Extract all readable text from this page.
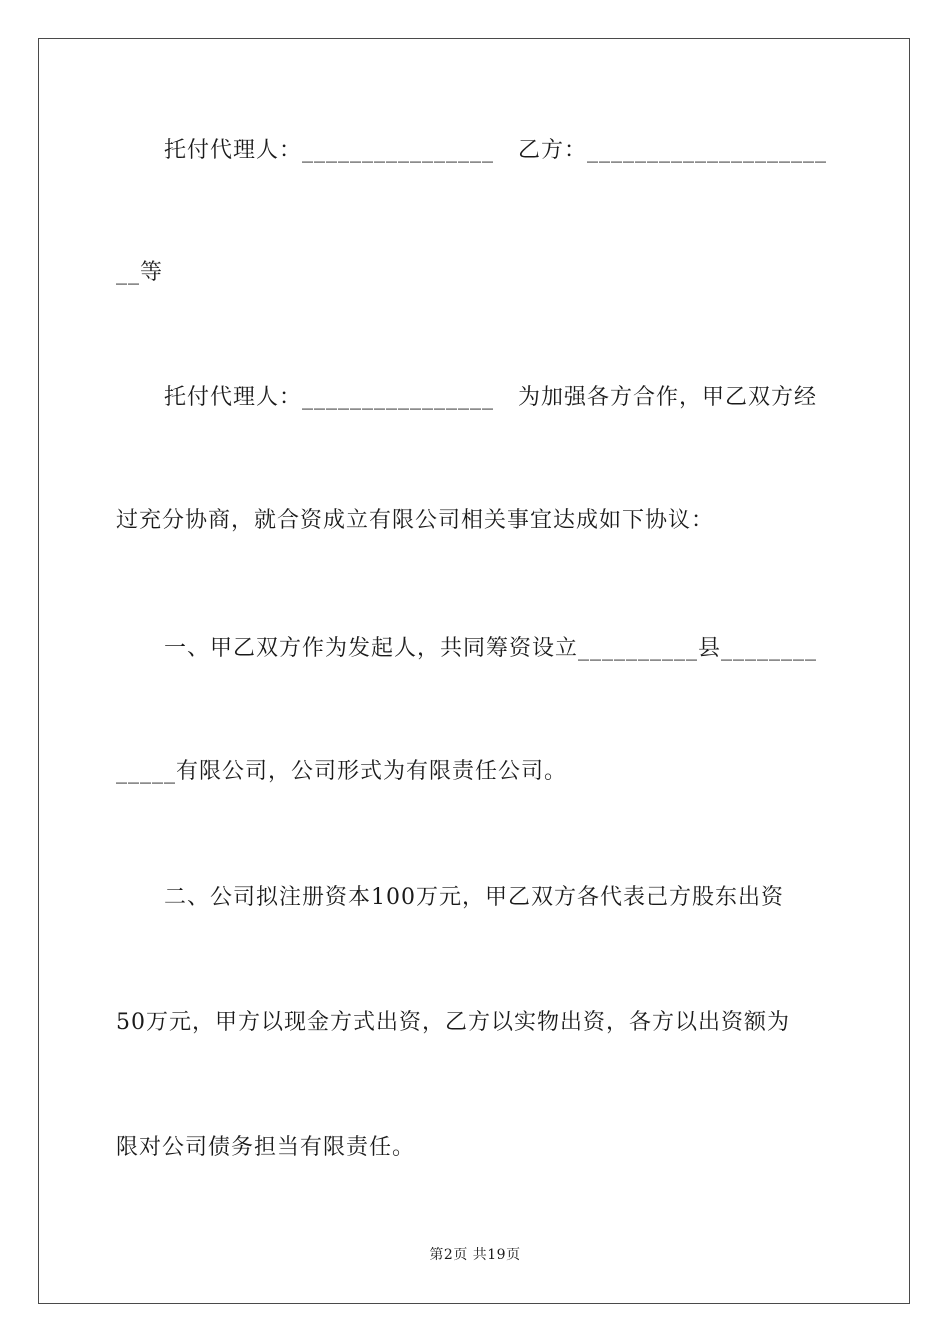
托付代理人：________________   乙方：____________________
__等
托付代理人：________________   为加强各方合作，甲乙双方经
过充分协商，就合资成立有限公司相关事宜达成如下协议：
一、甲乙双方作为发起人，共同筹资设立__________县________
_____有限公司，公司形式为有限责任公司。
二、公司拟注册资本100万元，甲乙双方各代表己方股东出资
50万元，甲方以现金方式出资，乙方以实物出资，各方以出资额为
限对公司债务担当有限责任。
第2页 共19页
